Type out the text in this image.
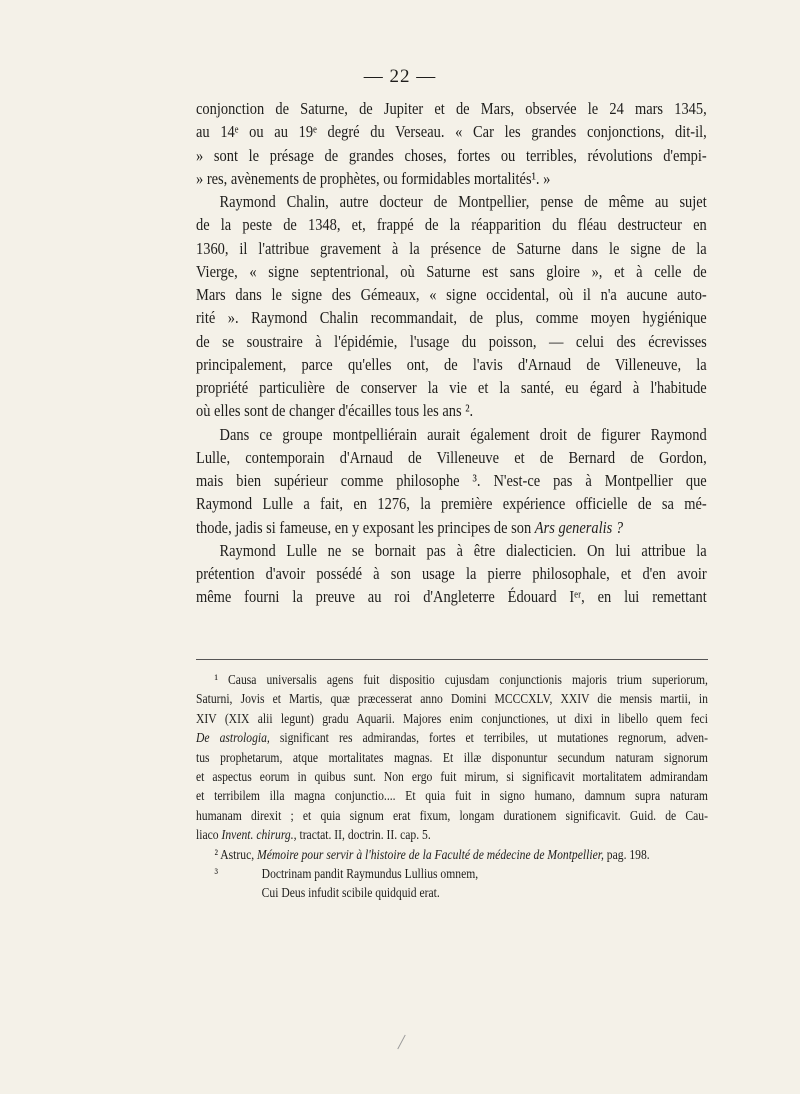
— 22 —
conjonction de Saturne, de Jupiter et de Mars, observée le 24 mars 1345,
au 14ᵉ ou au 19ᵉ degré du Verseau. « Car les grandes conjonctions, dit-il,
» sont le présage de grandes choses, fortes ou terribles, révolutions d'empi-
» res, avènements de prophètes, ou formidables mortalités¹. »
Raymond Chalin, autre docteur de Montpellier, pense de même au sujet
de la peste de 1348, et, frappé de la réapparition du fléau destructeur en
1360, il l'attribue gravement à la présence de Saturne dans le signe de la
Vierge, « signe septentrional, où Saturne est sans gloire », et à celle de
Mars dans le signe des Gémeaux, « signe occidental, où il n'a aucune auto-
rité ». Raymond Chalin recommandait, de plus, comme moyen hygiénique
de se soustraire à l'épidémie, l'usage du poisson, — celui des écrevisses
principalement, parce qu'elles ont, de l'avis d'Arnaud de Villeneuve, la
propriété particulière de conserver la vie et la santé, eu égard à l'habitude
où elles sont de changer d'écailles tous les ans ².
Dans ce groupe montpelliérain aurait également droit de figurer Raymond
Lulle, contemporain d'Arnaud de Villeneuve et de Bernard de Gordon,
mais bien supérieur comme philosophe ³. N'est-ce pas à Montpellier que
Raymond Lulle a fait, en 1276, la première expérience officielle de sa mé-
thode, jadis si fameuse, en y exposant les principes de son Ars generalis ?
Raymond Lulle ne se bornait pas à être dialecticien. On lui attribue la
prétention d'avoir possédé à son usage la pierre philosophale, et d'en avoir
même fourni la preuve au roi d'Angleterre Édouard Iᵉʳ, en lui remettant
¹ Causa universalis agens fuit dispositio cujusdam conjunctionis majoris trium superiorum,
Saturni, Jovis et Martis, quæ præcesserat anno Domini MCCCXLV, XXIV die mensis martii, in
XIV (XIX alii legunt) gradu Aquarii. Majores enim conjunctiones, ut dixi in libello quem feci
De astrologia, significant res admirandas, fortes et terribiles, ut mutationes regnorum, adven-
tus prophetarum, atque mortalitates magnas. Et illæ disponuntur secundum naturam signorum
et aspectus eorum in quibus sunt. Non ergo fuit mirum, si significavit mortalitatem admirandam
et terribilem illa magna conjunctio.... Et quia fuit in signo humano, damnum supra naturam
humanam direxit ; et quia signum erat fixum, longam durationem significavit. Guid. de Cau-
liaco Invent. chirurg., tractat. II, doctrin. II. cap. 5.
² Astruc, Mémoire pour servir à l'histoire de la Faculté de médecine de Montpellier, pag. 198.
³	Doctrinam pandit Raymundus Lullius omnem,
Cui Deus infudit scibile quidquid erat.
